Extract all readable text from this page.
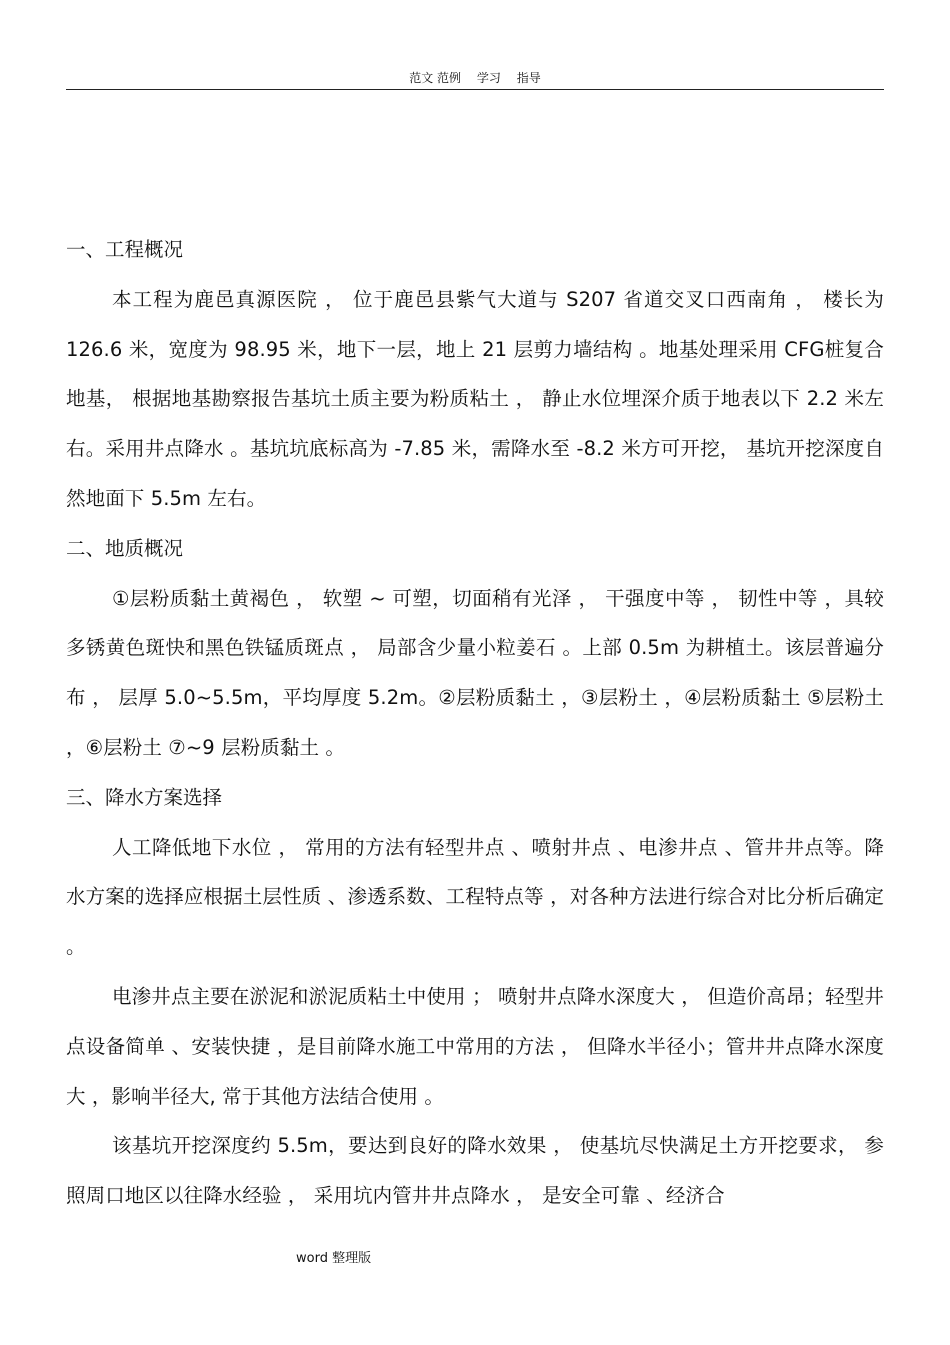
范文 范例 学习 指导

一、工程概况

本工程为鹿邑真源医院 ， 位于鹿邑县紫气大道与 S207 省道交叉口西南角 ， 楼长为 126.6 米，宽度为 98.95 米，地下一层，地上 21 层剪力墙结构 。地基处理采用 CFG桩复合地基， 根据地基勘察报告基坑土质主要为粉质粘土 ， 静止水位埋深介质于地表以下 2.2 米左右。采用井点降水 。基坑坑底标高为 -7.85 米，需降水至 -8.2 米方可开挖， 基坑开挖深度自然地面下 5.5m 左右。

二、地质概况

①层粉质黏土黄褐色 ， 软塑 ~ 可塑，切面稍有光泽 ， 干强度中等 ， 韧性中等 ，具较多锈黄色斑快和黑色铁锰质斑点 ， 局部含少量小粒姜石 。上部 0.5m 为耕植土。该层普遍分布 ， 层厚 5.0~5.5m，平均厚度 5.2m。②层粉质黏土 ，③层粉土 ，④层粉质黏土 ⑤层粉土 ，⑥层粉土 ⑦~9 层粉质黏土 。

三、降水方案选择

人工降低地下水位 ， 常用的方法有轻型井点 、喷射井点 、电渗井点 、管井井点等。降水方案的选择应根据土层性质 、渗透系数、工程特点等 ，对各种方法进行综合对比分析后确定 。

电渗井点主要在淤泥和淤泥质粘土中使用 ； 喷射井点降水深度大 ， 但造价高昂；轻型井点设备简单 、安装快捷 ，是目前降水施工中常用的方法 ， 但降水半径小；管井井点降水深度大 ，影响半径大, 常于其他方法结合使用 。

该基坑开挖深度约 5.5m，要达到良好的降水效果 ， 使基坑尽快满足土方开挖要求， 参照周口地区以往降水经验 ， 采用坑内管井井点降水 ， 是安全可靠 、经济合

word 整理版
